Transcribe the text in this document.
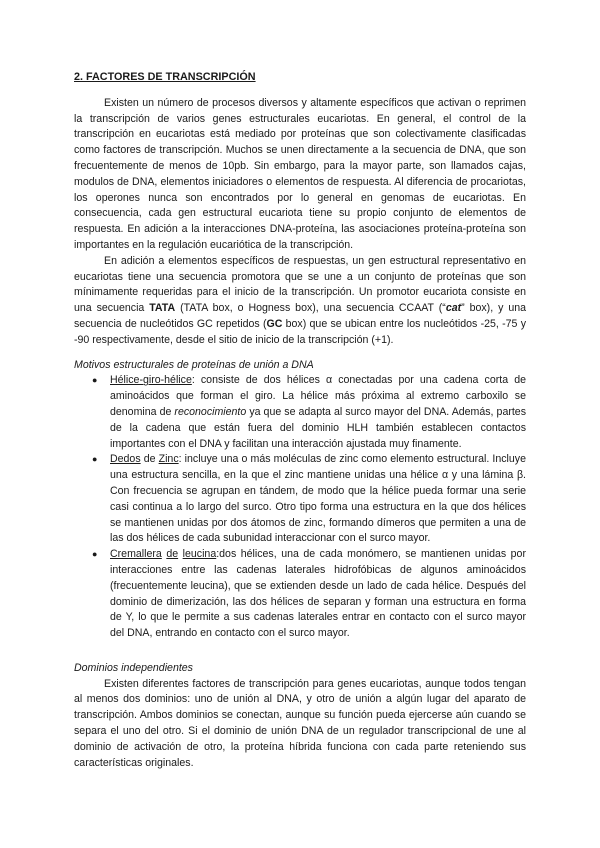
2. FACTORES DE TRANSCRIPCIÓN

Existen un número de procesos diversos y altamente específicos que activan o reprimen la transcripción de varios genes estructurales eucariotas. En general, el control de la transcripción en eucariotas está mediado por proteínas que son colectivamente clasificadas como factores de transcripción. Muchos se unen directamente a la secuencia de DNA, que son frecuentemente de menos de 10pb. Sin embargo, para la mayor parte, son llamados cajas, modulos de DNA, elementos iniciadores o elementos de respuesta. Al diferencia de procariotas, los operones nunca son encontrados por lo general en genomas de eucariotas. En consecuencia, cada gen estructural eucariota tiene su propio conjunto de elementos de respuesta. En adición a la interacciones DNA-proteína, las asociaciones proteína-proteína son importantes en la regulación eucariótica de la transcripción.

En adición a elementos específicos de respuestas, un gen estructural representativo en eucariotas tiene una secuencia promotora que se une a un conjunto de proteínas que son mínimamente requeridas para el inicio de la transcripción. Un promotor eucariota consiste en una secuencia TATA (TATA box, o Hogness box), una secuencia CCAAT (“cat” box), y una secuencia de nucleótidos GC repetidos (GC box) que se ubican entre los nucleótidos -25, -75 y -90 respectivamente, desde el sitio de inicio de la transcripción (+1).

Motivos estructurales de proteínas de unión a DNA

● Hélice-giro-hélice: consiste de dos hélices α conectadas por una cadena corta de aminoácidos que forman el giro. La hélice más próxima al extremo carboxilo se denomina de reconocimiento ya que se adapta al surco mayor del DNA. Además, partes de la cadena que están fuera del dominio HLH también establecen contactos importantes con el DNA y facilitan una interacción ajustada muy finamente.
● Dedos de Zinc: incluye una o más moléculas de zinc como elemento estructural. Incluye una estructura sencilla, en la que el zinc mantiene unidas una hélice α y una lámina β. Con frecuencia se agrupan en tándem, de modo que la hélice pueda formar una serie casi continua a lo largo del surco. Otro tipo forma una estructura en la que dos hélices se mantienen unidas por dos átomos de zinc, formando dímeros que permiten a una de las dos hélices de cada subunidad interaccionar con el surco mayor.
● Cremallera de leucina:dos hélices, una de cada monómero, se mantienen unidas por interacciones entre las cadenas laterales hidrofóbicas de algunos aminoácidos (frecuentemente leucina), que se extienden desde un lado de cada hélice. Después del dominio de dimerización, las dos hélices de separan y forman una estructura en forma de Y, lo que le permite a sus cadenas laterales entrar en contacto con el surco mayor del DNA, entrando en contacto con el surco mayor.

Dominios independientes

Existen diferentes factores de transcripción para genes eucariotas, aunque todos tengan al menos dos dominios: uno de unión al DNA, y otro de unión a algún lugar del aparato de transcripción. Ambos dominios se conectan, aunque su función pueda ejercerse aún cuando se separa el uno del otro. Si el dominio de unión DNA de un regulador transcripcional de une al dominio de activación de otro, la proteína híbrida funciona con cada parte reteniendo sus características originales.
